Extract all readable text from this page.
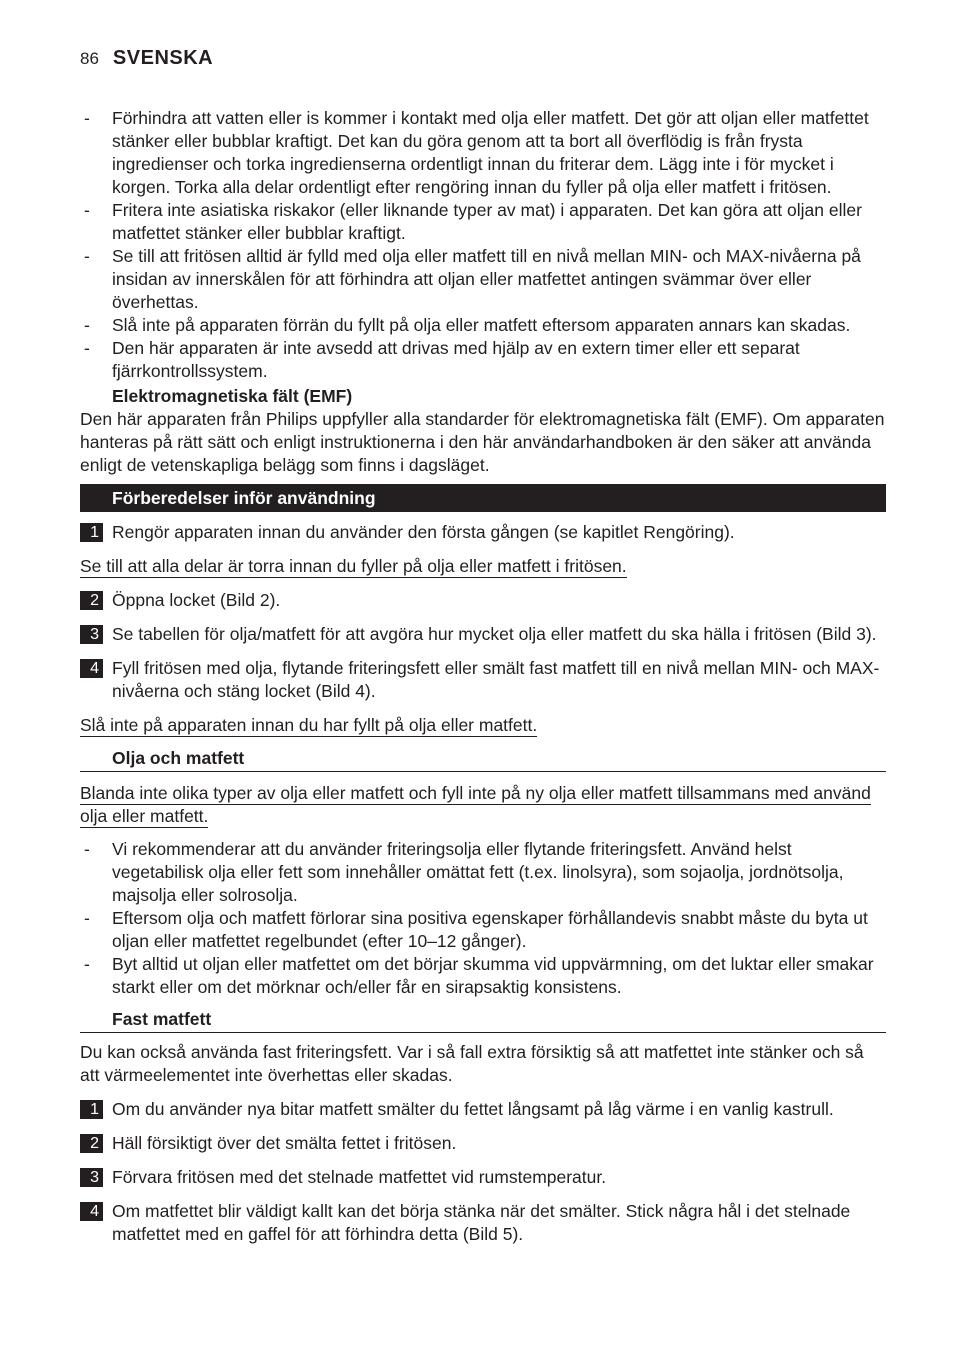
86 SVENSKA
- Förhindra att vatten eller is kommer i kontakt med olja eller matfett. Det gör att oljan eller matfettet stänker eller bubblar kraftigt. Det kan du göra genom att ta bort all överflödig is från frysta ingredienser och torka ingredienserna ordentligt innan du friterar dem. Lägg inte i för mycket i korgen. Torka alla delar ordentligt efter rengöring innan du fyller på olja eller matfett i fritösen.
- Fritera inte asiatiska riskakor (eller liknande typer av mat) i apparaten. Det kan göra att oljan eller matfettet stänker eller bubblar kraftigt.
- Se till att fritösen alltid är fylld med olja eller matfett till en nivå mellan MIN- och MAX-nivåerna på insidan av innerskålen för att förhindra att oljan eller matfettet antingen svämmar över eller överhettas.
- Slå inte på apparaten förrän du fyllt på olja eller matfett eftersom apparaten annars kan skadas.
- Den här apparaten är inte avsedd att drivas med hjälp av en extern timer eller ett separat fjärrkontrollssystem.
Elektromagnetiska fält (EMF)

Den här apparaten från Philips uppfyller alla standarder för elektromagnetiska fält (EMF). Om apparaten hanteras på rätt sätt och enligt instruktionerna i den här användarhandboken är den säker att använda enligt de vetenskapliga belägg som finns i dagsläget.

Förberedelser inför användning
1 Rengör apparaten innan du använder den första gången (se kapitlet Rengöring).
Se till att alla delar är torra innan du fyller på olja eller matfett i fritösen.
2 Öppna locket (Bild 2).
3 Se tabellen för olja/matfett för att avgöra hur mycket olja eller matfett du ska hälla i fritösen (Bild 3).
4 Fyll fritösen med olja, flytande friteringsfett eller smält fast matfett till en nivå mellan MIN- och MAX-nivåerna och stäng locket (Bild 4).
Slå inte på apparaten innan du har fyllt på olja eller matfett.
Olja och matfett
Blanda inte olika typer av olja eller matfett och fyll inte på ny olja eller matfett tillsammans med använd olja eller matfett.
- Vi rekommenderar att du använder friteringsolja eller flytande friteringsfett. Använd helst vegetabilisk olja eller fett som innehåller omättat fett (t.ex. linolsyra), som sojaolja, jordnötsolja, majsolja eller solrosolja.
- Eftersom olja och matfett förlorar sina positiva egenskaper förhållandevis snabbt måste du byta ut oljan eller matfettet regelbundet (efter 10–12 gånger).
- Byt alltid ut oljan eller matfettet om det börjar skumma vid uppvärmning, om det luktar eller smakar starkt eller om det mörknar och/eller får en sirapsaktig konsistens.
Fast matfett

Du kan också använda fast friteringsfett. Var i så fall extra försiktig så att matfettet inte stänker och så att värmeelementet inte överhettas eller skadas.

1 Om du använder nya bitar matfett smälter du fettet långsamt på låg värme i en vanlig kastrull.
2 Häll försiktigt över det smälta fettet i fritösen.
3 Förvara fritösen med det stelnade matfettet vid rumstemperatur.
4 Om matfettet blir väldigt kallt kan det börja stänka när det smälter. Stick några hål i det stelnade matfettet med en gaffel för att förhindra detta (Bild 5).
